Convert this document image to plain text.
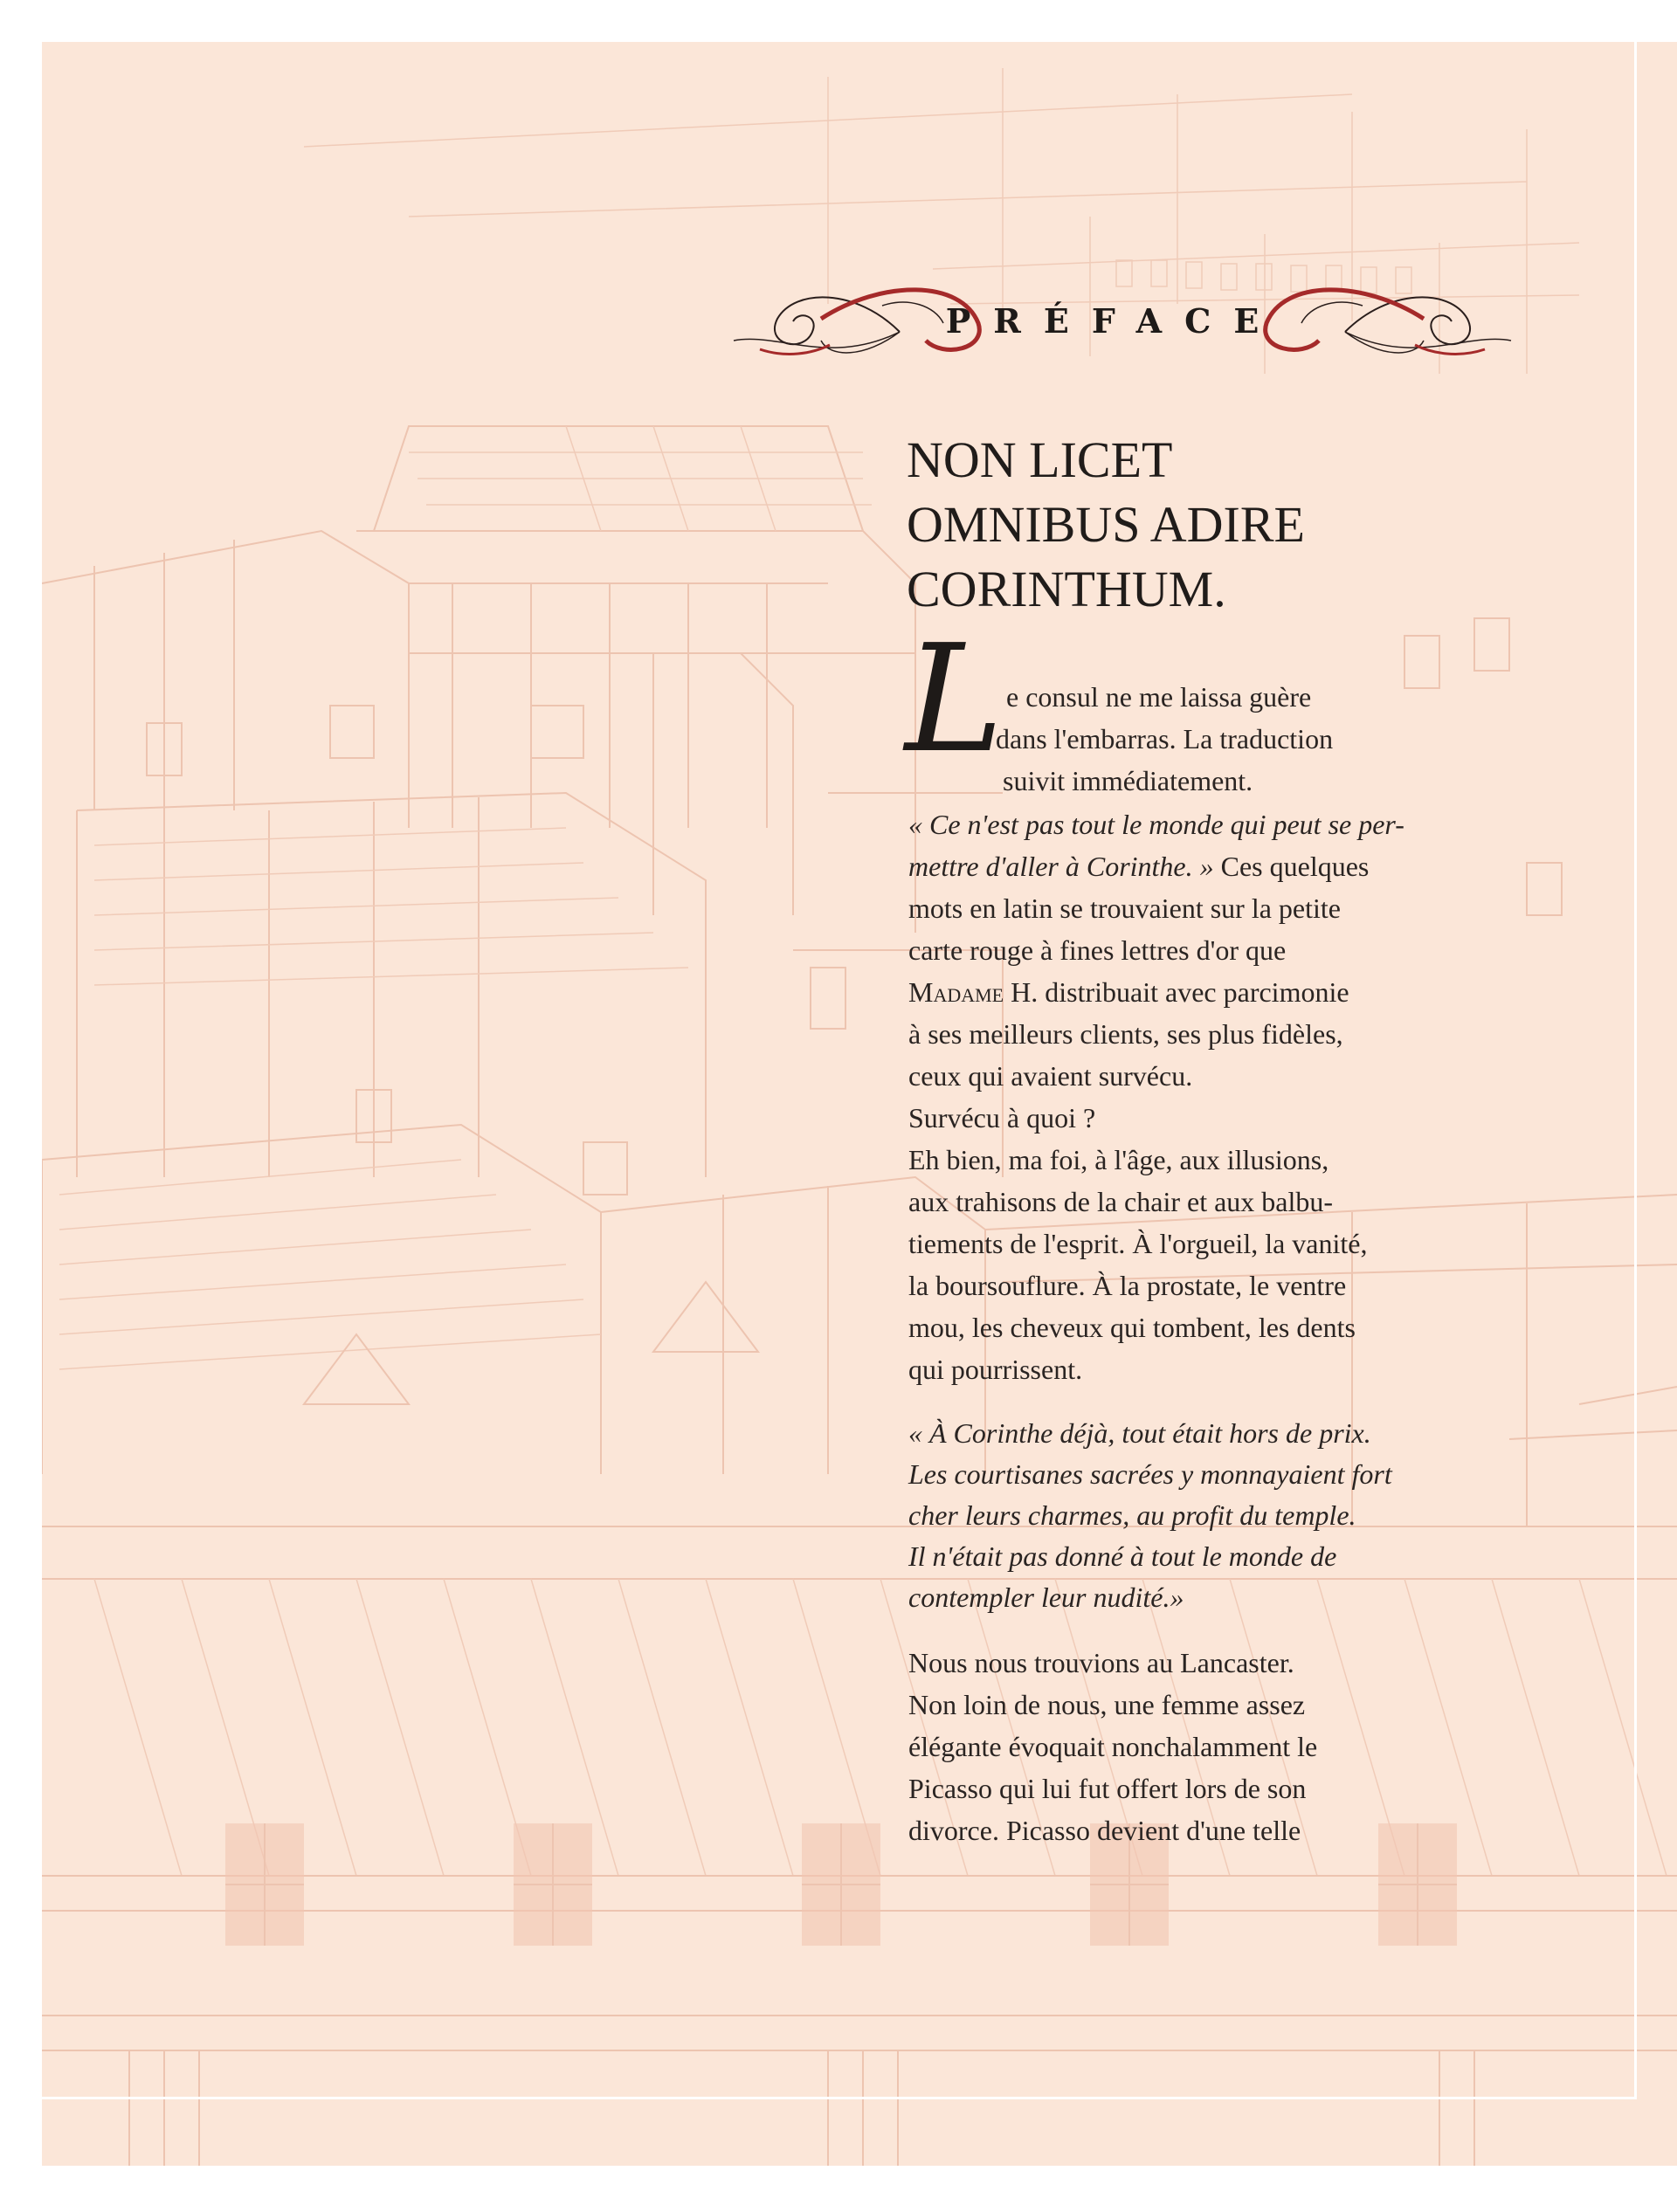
PRÉFACE
NON LICET
OMNIBUS ADIRE
CORINTHUM.
L e consul ne me laissa guère
dans l'embarras. La traduction
suivit immédiatement.
« Ce n'est pas tout le monde qui peut se per-
mettre d'aller à Corinthe. » Ces quelques
mots en latin se trouvaient sur la petite
carte rouge à fines lettres d'or que
Madame H. distribuait avec parcimonie
à ses meilleurs clients, ses plus fidèles,
ceux qui avaient survécu.
Survécu à quoi ?
Eh bien, ma foi, à l'âge, aux illusions,
aux trahisons de la chair et aux balbu-
tiements de l'esprit. À l'orgueil, la vanité,
la boursouflure. À la prostate, le ventre
mou, les cheveux qui tombent, les dents
qui pourrissent.
« À Corinthe déjà, tout était hors de prix.
Les courtisanes sacrées y monnayaient fort
cher leurs charmes, au profit du temple.
Il n'était pas donné à tout le monde de
contempler leur nudité.»
Nous nous trouvions au Lancaster.
Non loin de nous, une femme assez
élégante évoquait nonchalamment le
Picasso qui lui fut offert lors de son
divorce. Picasso devient d'une telle
